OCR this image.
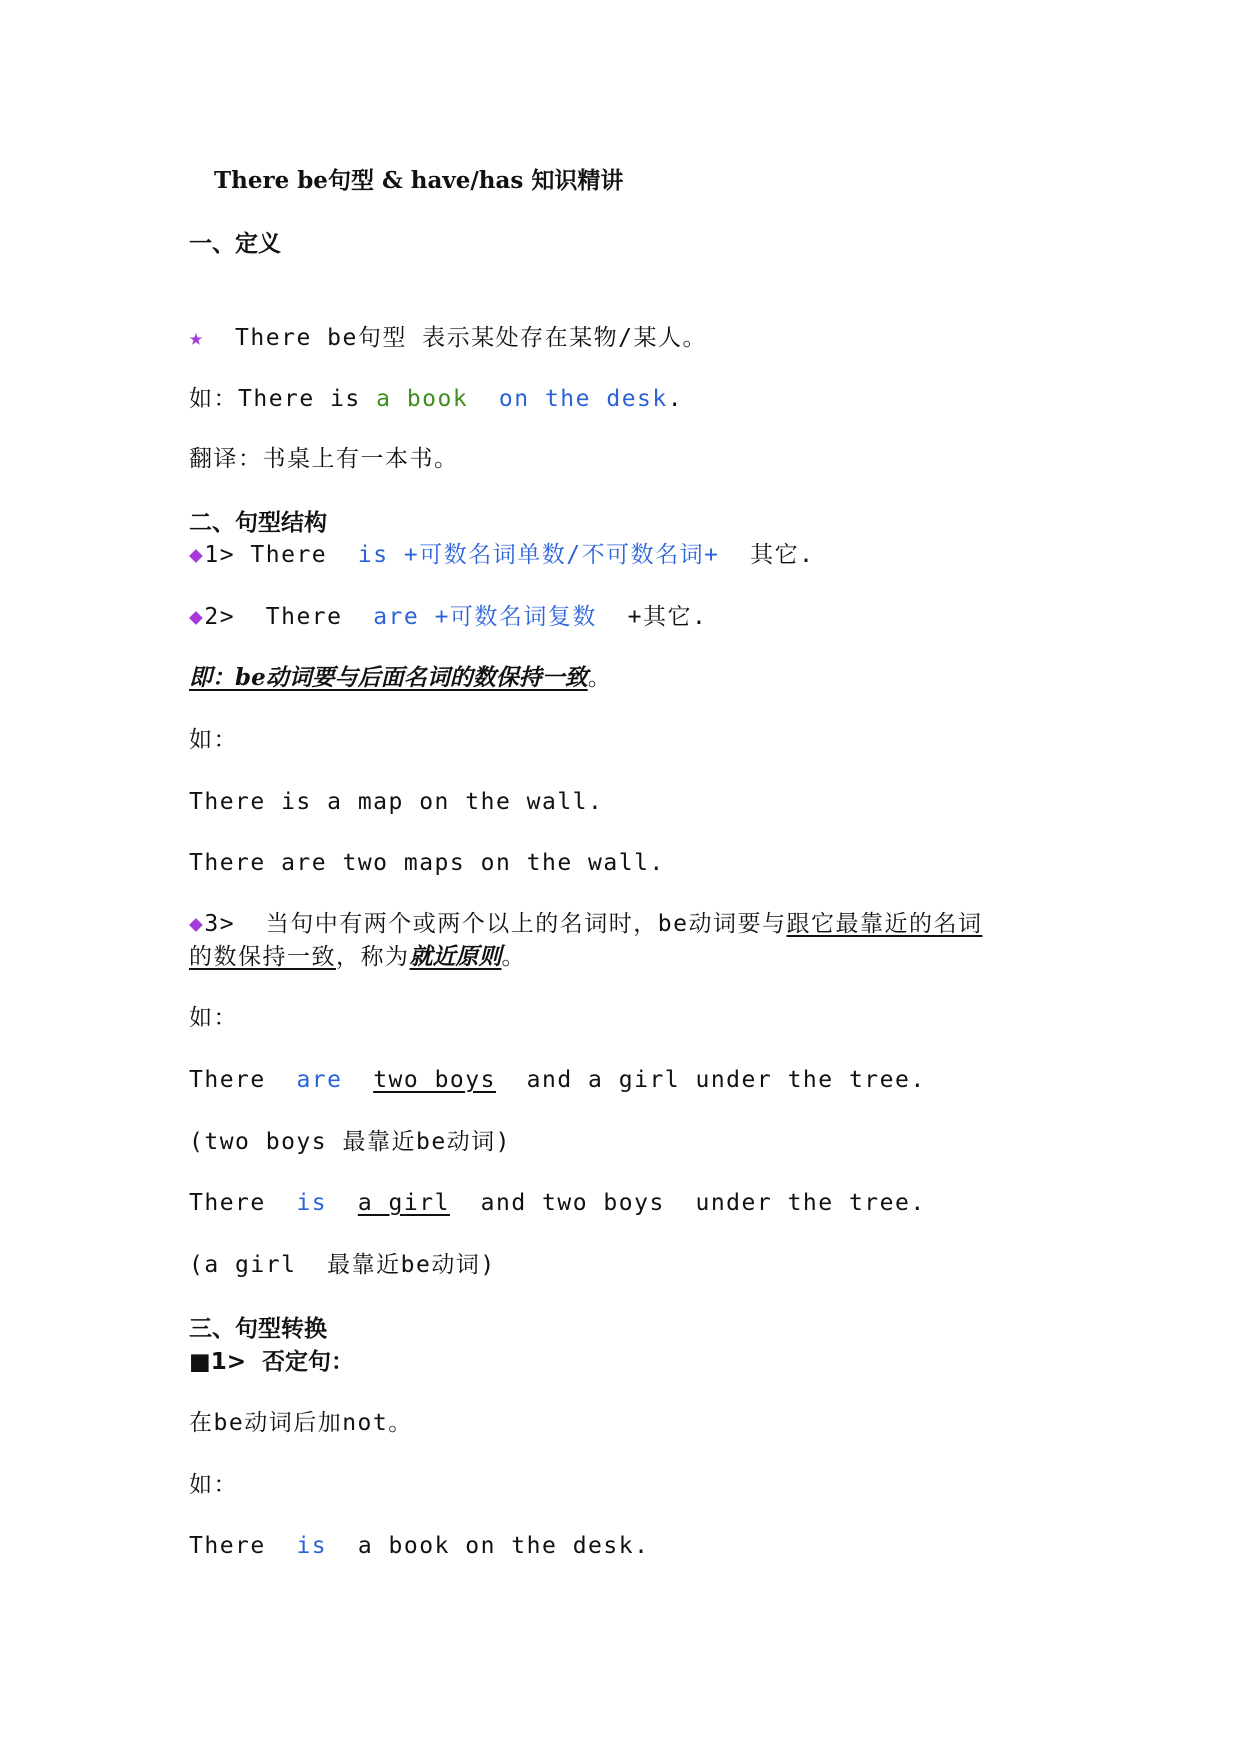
There be句型 & have/has 知识精讲
一、定义
★  There be句型 表示某处存在某物/某人。
如：There is a book on the desk.
翻译：书桌上有一本书。
二、句型结构
◆1> There  is +可数名词单数/不可数名词+  其它.
◆2>  There  are +可数名词复数  +其它.
即：be动词要与后面名词的数保持一致。
如：
There is a map on the wall.
There are two maps on the wall.
◆3>  当句中有两个或两个以上的名词时，be动词要与跟它最靠近的名词
的数保持一致，称为就近原则。
如：
There  are two boys  and a girl under the tree.
(two boys 最靠近be动词)
There  is a girl  and two boys  under the tree.
(a girl  最靠近be动词)
三、句型转换
■1>  否定句：
在be动词后加not。
如：
There  is  a book on the desk.
